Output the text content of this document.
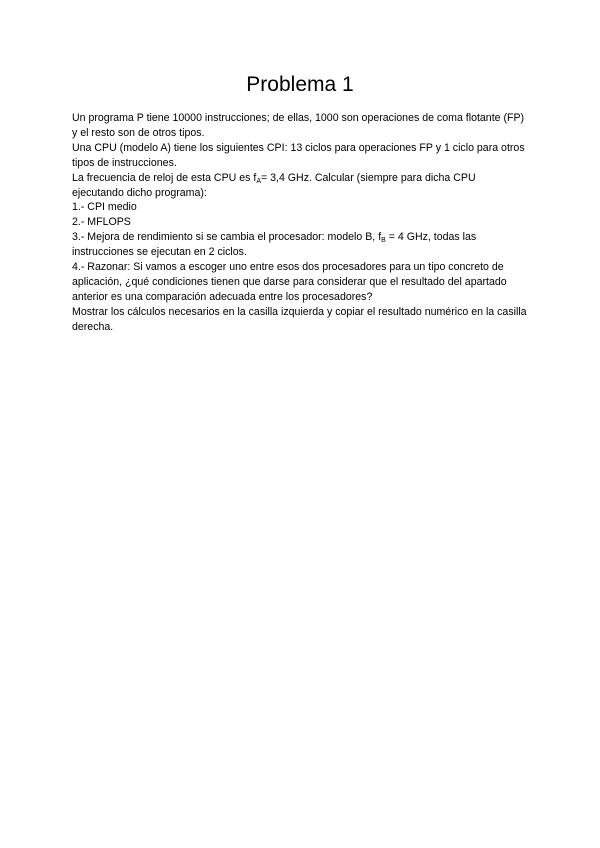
Problema 1

Un programa P tiene 10000 instrucciones; de ellas, 1000 son operaciones de coma flotante (FP) y el resto son de otros tipos.

Una CPU (modelo A) tiene los siguientes CPI: 13 ciclos para operaciones FP y 1 ciclo para otros tipos de instrucciones.

La frecuencia de reloj de esta CPU es $f_A= 3,4$ GHz. Calcular (siempre para dicha CPU ejecutando dicho programa):

1.- CPI medio

2.- MFLOPS

3.- Mejora de rendimiento si se cambia el procesador: modelo B, $f_B = 4$ GHz, todas las instrucciones se ejecutan en 2 ciclos.

4.- Razonar: Si vamos a escoger uno entre esos dos procesadores para un tipo concreto de aplicación, ¿qué condiciones tienen que darse para considerar que el resultado del apartado anterior es una comparación adecuada entre los procesadores?

Mostrar los cálculos necesarios en la casilla izquierda y copiar el resultado numérico en la casilla derecha.
